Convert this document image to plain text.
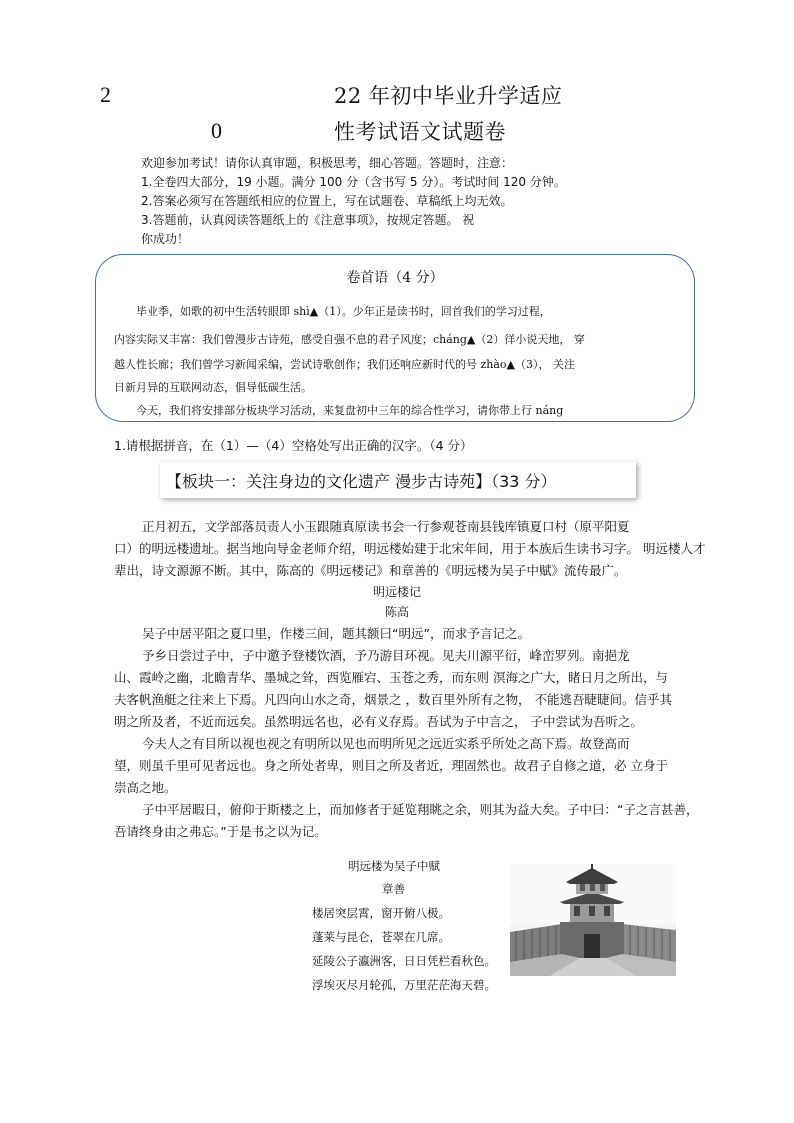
2
0
22 年初中毕业升学适应
性考试语文试题卷
欢迎参加考试！请你认真审题，积极思考，细心答题。答题时，注意：
1.全卷四大部分，19 小题。满分 100 分（含书写 5 分）。考试时间 120 分钟。
2.答案必须写在答题纸相应的位置上，写在试题卷、草稿纸上均无效。
3.答题前，认真阅读答题纸上的《注意事项》，按规定答题。 祝
你成功！
卷首语（4 分）
毕业季，如歌的初中生活转眼即 shì▲（1）。少年正是读书时，回首我们的学习过程，
内容实际又丰富：我们曾漫步古诗苑，感受自强不息的君子风度；cháng▲（2）徉小说天地， 穿
越人性长廊；我们曾学习新闻采编，尝试诗歌创作；我们还响应新时代的号 zhào▲（3）， 关注
日新月异的互联网动态，倡导低碳生活。
今天，我们将安排部分板块学习活动，来复盘初中三年的综合性学习，请你带上行 náng
1.请根据拼音，在（1）—（4）空格处写出正确的汉字。（4 分）
【板块一：关注身边的文化遗产 漫步古诗苑】（33 分）
正月初五，文学部落员责人小玉跟随真原读书会一行参观苍南县钱库镇夏口村（原平阳夏
口）的明远楼遗址。据当地向导金老师介绍，明远楼始建于北宋年间，用于本族后生读书习字。 明远楼人才
辈出，诗文源源不断。其中，陈高的《明远楼记》和章善的《明远楼为吴子中赋》流传最广。
明远楼记
陈高
吴子中居平阳之夏口里，作楼三间，题其额曰“明远”，而求予言记之。
予乡日尝过子中，子中邀予登楼饮酒，予乃游目环视。见夫川源平衍，峰峦罗列。南挹龙
山、霞岭之幽，北瞻青华、墨城之耸，西览雁宕、玉苍之秀，而东则 溟海之广大，睹日月之所出，与
夫客帆渔艇之往来上下焉。凡四向山水之奇，烟景之 ，数百里外所有之物， 不能逃吾睫睫间。信乎其
明之所及者，不近而远矣。虽然明远名也，必有义存焉。吾试为子中言之， 子中尝试为吾听之。
今夫人之有目所以视也视之有明所以见也而明所见之远近实系乎所处之高下焉。故登高而
望，则虽千里可见者远也。身之所处者卑，则目之所及者近，理固然也。故君子自修之道，必 立身于
崇高之地。
子中平居暇日，俯仰于斯楼之上，而加修者于延览翔眺之余，则其为益大矣。子中曰：“子之言甚善，
吾请终身由之弗忘。”于是书之以为记。
明远楼为吴子中赋
章善
楼居突层霄，窗开俯八极。
蓬莱与昆仑，苍翠在几席。
延陵公子瀛洲客，日日凭栏看秋色。
浮埃灭尽月轮孤，万里茫茫海天碧。
